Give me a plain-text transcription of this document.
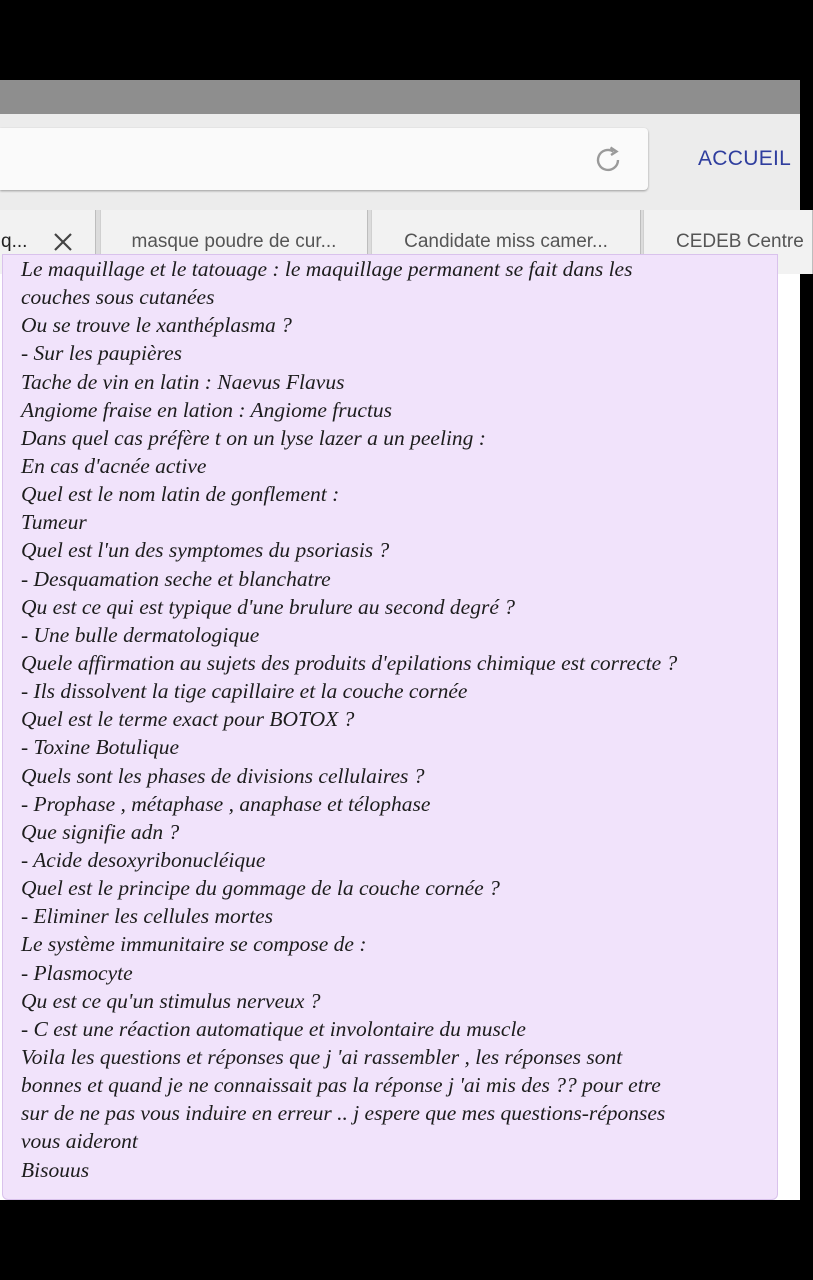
ACCUEIL
q...	masque poudre de cur...	Candidate miss camer...	CEDEB Centre
Le maquillage et le tatouage : le maquillage permanent se fait dans les
couches sous cutanées
Ou se trouve le xanthéplasma ?
- Sur les paupières
Tache de vin en latin : Naevus Flavus
Angiome fraise en lation : Angiome fructus
Dans quel cas préfère t on un lyse lazer a un peeling :
En cas d'acnée active
Quel est le nom latin de gonflement :
Tumeur
Quel est l'un des symptomes du psoriasis ?
- Desquamation seche et blanchatre
Qu est ce qui est typique d'une brulure au second degré ?
- Une bulle dermatologique
Quele affirmation au sujets des produits d'epilations chimique est correcte ?
- Ils dissolvent la tige capillaire et la couche cornée
Quel est le terme exact pour BOTOX ?
- Toxine Botulique
Quels sont les phases de divisions cellulaires ?
- Prophase , métaphase , anaphase et télophase
Que signifie adn ?
- Acide desoxyribonucléique
Quel est le principe du gommage de la couche cornée ?
- Eliminer les cellules mortes
Le système immunitaire se compose de :
- Plasmocyte
Qu est ce qu'un stimulus nerveux ?
- C est une réaction automatique et involontaire du muscle
Voila les questions et réponses que j 'ai rassembler , les réponses sont
bonnes et quand je ne connaissait pas la réponse j 'ai mis des ?? pour etre
sur de ne pas vous induire en erreur .. j espere que mes questions-réponses
vous aideront
Bisouus
